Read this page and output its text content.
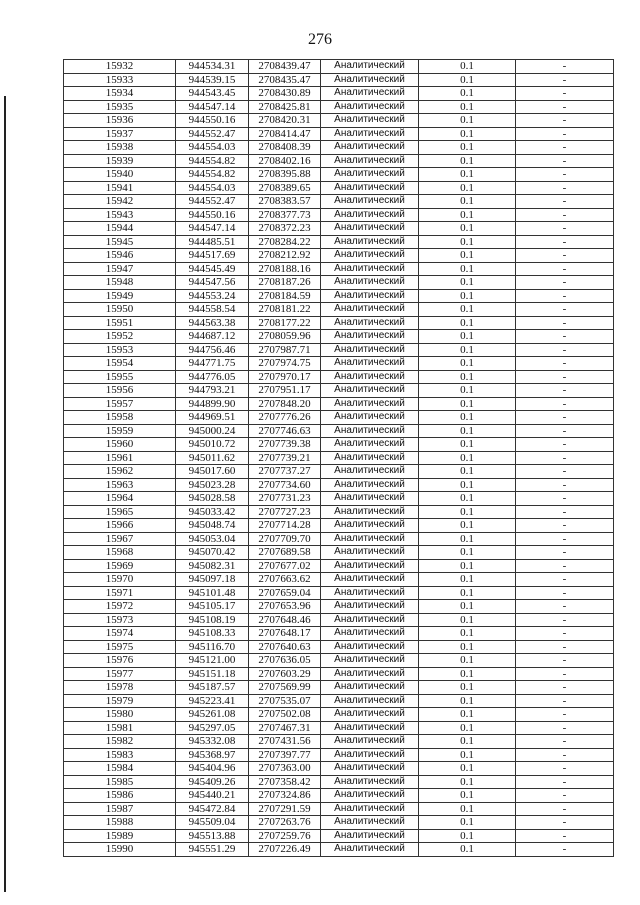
276
15932	944534.31	2708439.47	Аналитический	0.1	-
15933	944539.15	2708435.47	Аналитический	0.1	-
15934	944543.45	2708430.89	Аналитический	0.1	-
15935	944547.14	2708425.81	Аналитический	0.1	-
15936	944550.16	2708420.31	Аналитический	0.1	-
15937	944552.47	2708414.47	Аналитический	0.1	-
15938	944554.03	2708408.39	Аналитический	0.1	-
15939	944554.82	2708402.16	Аналитический	0.1	-
15940	944554.82	2708395.88	Аналитический	0.1	-
15941	944554.03	2708389.65	Аналитический	0.1	-
15942	944552.47	2708383.57	Аналитический	0.1	-
15943	944550.16	2708377.73	Аналитический	0.1	-
15944	944547.14	2708372.23	Аналитический	0.1	-
15945	944485.51	2708284.22	Аналитический	0.1	-
15946	944517.69	2708212.92	Аналитический	0.1	-
15947	944545.49	2708188.16	Аналитический	0.1	-
15948	944547.56	2708187.26	Аналитический	0.1	-
15949	944553.24	2708184.59	Аналитический	0.1	-
15950	944558.54	2708181.22	Аналитический	0.1	-
15951	944563.38	2708177.22	Аналитический	0.1	-
15952	944687.12	2708059.96	Аналитический	0.1	-
15953	944756.46	2707987.71	Аналитический	0.1	-
15954	944771.75	2707974.75	Аналитический	0.1	-
15955	944776.05	2707970.17	Аналитический	0.1	-
15956	944793.21	2707951.17	Аналитический	0.1	-
15957	944899.90	2707848.20	Аналитический	0.1	-
15958	944969.51	2707776.26	Аналитический	0.1	-
15959	945000.24	2707746.63	Аналитический	0.1	-
15960	945010.72	2707739.38	Аналитический	0.1	-
15961	945011.62	2707739.21	Аналитический	0.1	-
15962	945017.60	2707737.27	Аналитический	0.1	-
15963	945023.28	2707734.60	Аналитический	0.1	-
15964	945028.58	2707731.23	Аналитический	0.1	-
15965	945033.42	2707727.23	Аналитический	0.1	-
15966	945048.74	2707714.28	Аналитический	0.1	-
15967	945053.04	2707709.70	Аналитический	0.1	-
15968	945070.42	2707689.58	Аналитический	0.1	-
15969	945082.31	2707677.02	Аналитический	0.1	-
15970	945097.18	2707663.62	Аналитический	0.1	-
15971	945101.48	2707659.04	Аналитический	0.1	-
15972	945105.17	2707653.96	Аналитический	0.1	-
15973	945108.19	2707648.46	Аналитический	0.1	-
15974	945108.33	2707648.17	Аналитический	0.1	-
15975	945116.70	2707640.63	Аналитический	0.1	-
15976	945121.00	2707636.05	Аналитический	0.1	-
15977	945151.18	2707603.29	Аналитический	0.1	-
15978	945187.57	2707569.99	Аналитический	0.1	-
15979	945223.41	2707535.07	Аналитический	0.1	-
15980	945261.08	2707502.08	Аналитический	0.1	-
15981	945297.05	2707467.31	Аналитический	0.1	-
15982	945332.08	2707431.56	Аналитический	0.1	-
15983	945368.97	2707397.77	Аналитический	0.1	-
15984	945404.96	2707363.00	Аналитический	0.1	-
15985	945409.26	2707358.42	Аналитический	0.1	-
15986	945440.21	2707324.86	Аналитический	0.1	-
15987	945472.84	2707291.59	Аналитический	0.1	-
15988	945509.04	2707263.76	Аналитический	0.1	-
15989	945513.88	2707259.76	Аналитический	0.1	-
15990	945551.29	2707226.49	Аналитический	0.1	-
